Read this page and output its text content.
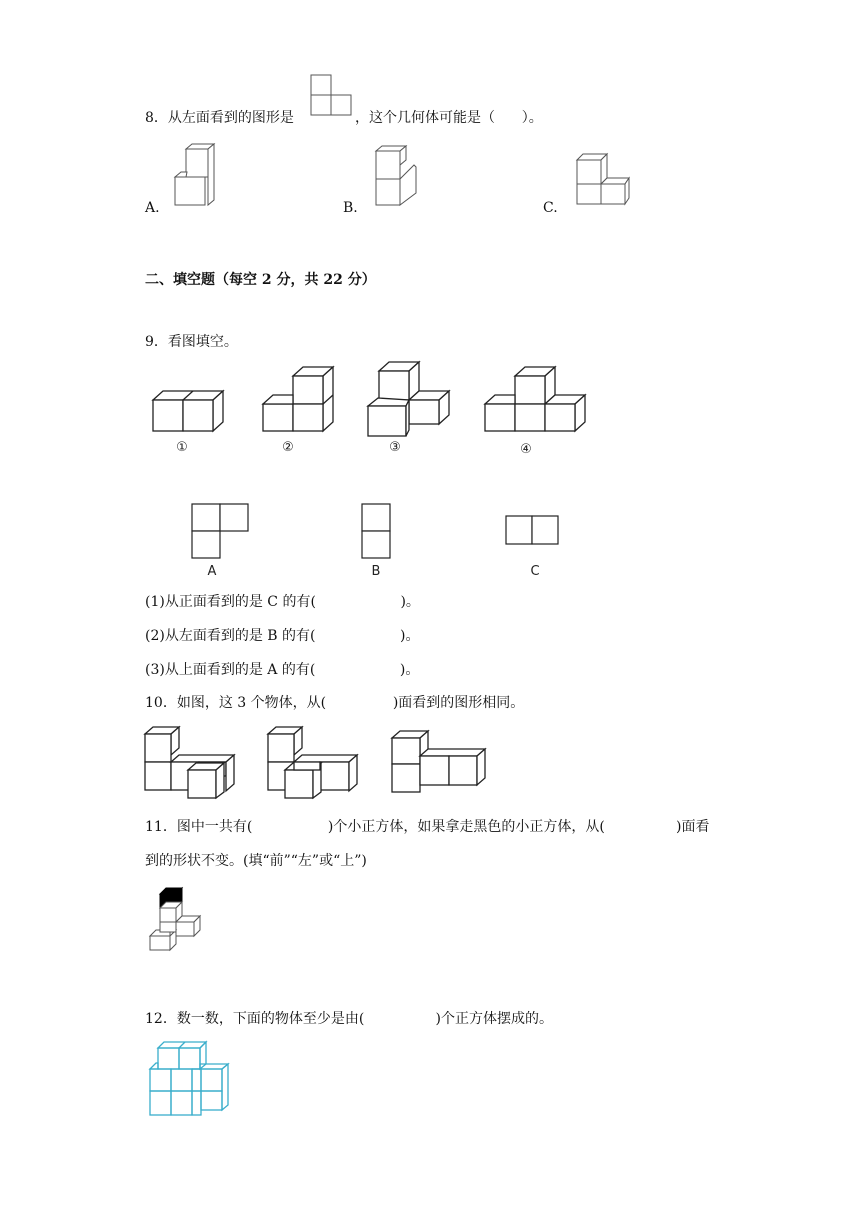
8．从左面看到的图形是	，这个几何体可能是（      ）。
A.	B.	C.
二、填空题（每空 2 分，共 22 分）
9．看图填空。
①	②	③	④
A	B	C
(1)从正面看到的是 C 的有(                   )。
(2)从左面看到的是 B 的有(                   )。
(3)从上面看到的是 A 的有(                   )。
10．如图，这 3 个物体，从(               )面看到的图形相同。
11．图中一共有(                 )个小正方体，如果拿走黑色的小正方体，从(                )面看
到的形状不变。(填“前”“左”或“上”)
12．数一数，下面的物体至少是由(                )个正方体摆成的。
